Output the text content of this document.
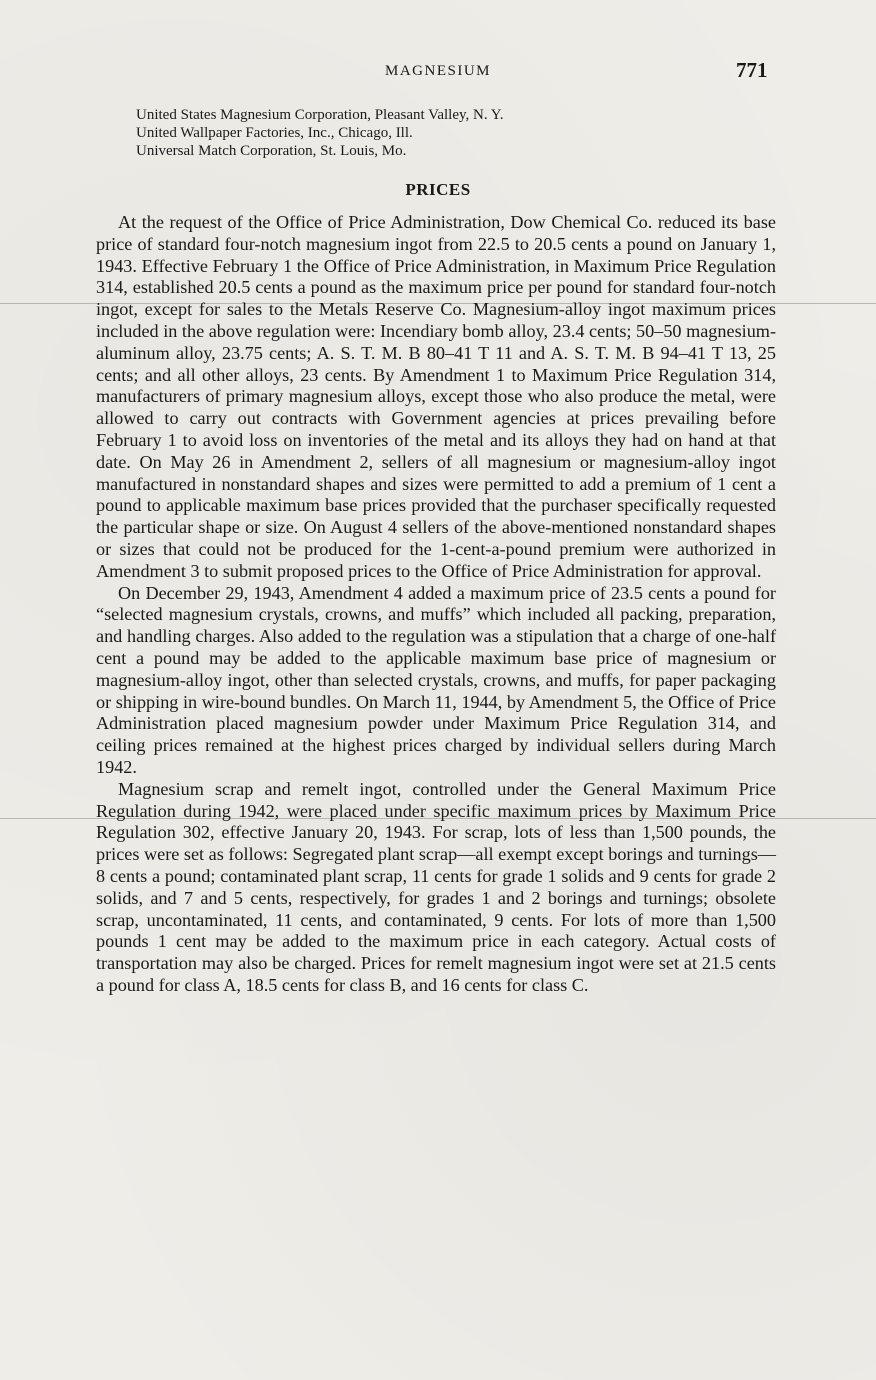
MAGNESIUM	771
United States Magnesium Corporation, Pleasant Valley, N. Y.
United Wallpaper Factories, Inc., Chicago, Ill.
Universal Match Corporation, St. Louis, Mo.
PRICES

At the request of the Office of Price Administration, Dow Chemical Co. reduced its base price of standard four-notch magnesium ingot from 22.5 to 20.5 cents a pound on January 1, 1943. Effective February 1 the Office of Price Administration, in Maximum Price Regulation 314, established 20.5 cents a pound as the maximum price per pound for standard four-notch ingot, except for sales to the Metals Reserve Co. Magnesium-alloy ingot maximum prices included in the above regulation were: Incendiary bomb alloy, 23.4 cents; 50–50 magnesium-aluminum alloy, 23.75 cents; A. S. T. M. B 80–41 T 11 and A. S. T. M. B 94–41 T 13, 25 cents; and all other alloys, 23 cents. By Amendment 1 to Maximum Price Regulation 314, manufacturers of primary magnesium alloys, except those who also produce the metal, were allowed to carry out contracts with Government agencies at prices prevailing before February 1 to avoid loss on inventories of the metal and its alloys they had on hand at that date. On May 26 in Amendment 2, sellers of all magnesium or magnesium-alloy ingot manufactured in nonstandard shapes and sizes were permitted to add a premium of 1 cent a pound to applicable maximum base prices provided that the purchaser specifically requested the particular shape or size. On August 4 sellers of the above-mentioned nonstandard shapes or sizes that could not be produced for the 1-cent-a-pound premium were authorized in Amendment 3 to submit proposed prices to the Office of Price Administration for approval.

On December 29, 1943, Amendment 4 added a maximum price of 23.5 cents a pound for “selected magnesium crystals, crowns, and muffs” which included all packing, preparation, and handling charges. Also added to the regulation was a stipulation that a charge of one-half cent a pound may be added to the applicable maximum base price of magnesium or magnesium-alloy ingot, other than selected crystals, crowns, and muffs, for paper packaging or shipping in wire-bound bundles. On March 11, 1944, by Amendment 5, the Office of Price Administration placed magnesium powder under Maximum Price Regulation 314, and ceiling prices remained at the highest prices charged by individual sellers during March 1942.

Magnesium scrap and remelt ingot, controlled under the General Maximum Price Regulation during 1942, were placed under specific maximum prices by Maximum Price Regulation 302, effective January 20, 1943. For scrap, lots of less than 1,500 pounds, the prices were set as follows: Segregated plant scrap—all exempt except borings and turnings—8 cents a pound; contaminated plant scrap, 11 cents for grade 1 solids and 9 cents for grade 2 solids, and 7 and 5 cents, respectively, for grades 1 and 2 borings and turnings; obsolete scrap, uncontaminated, 11 cents, and contaminated, 9 cents. For lots of more than 1,500 pounds 1 cent may be added to the maximum price in each category. Actual costs of transportation may also be charged. Prices for remelt magnesium ingot were set at 21.5 cents a pound for class A, 18.5 cents for class B, and 16 cents for class C.
